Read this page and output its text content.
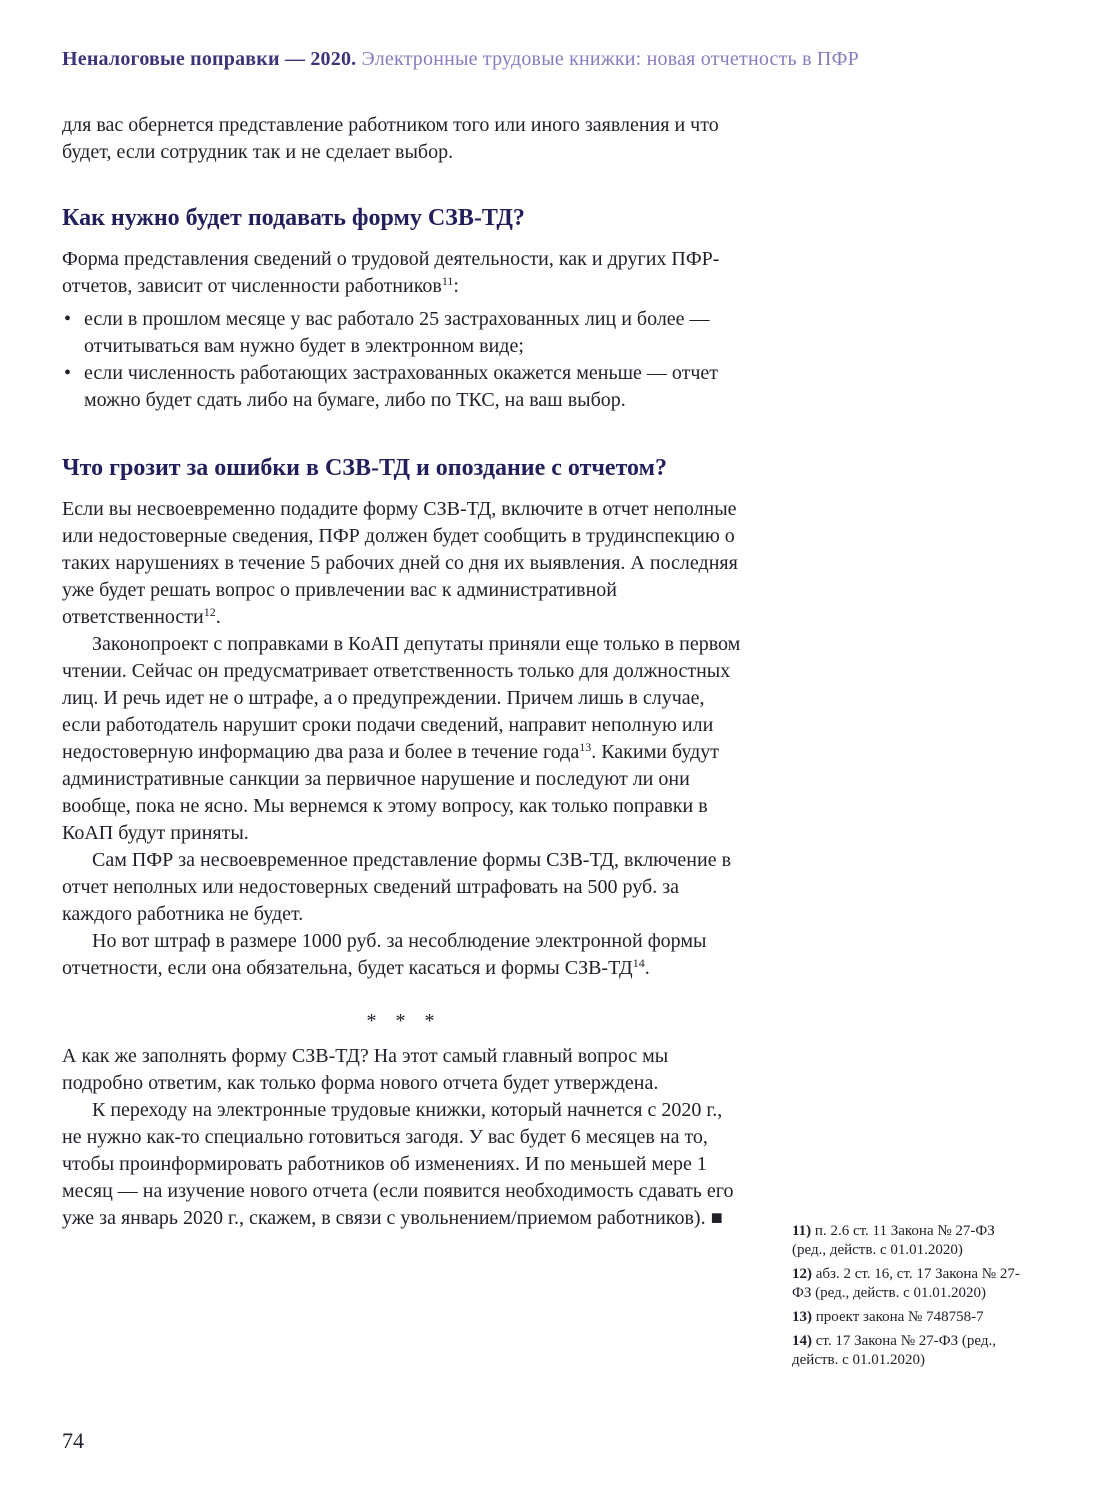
Неналоговые поправки — 2020. Электронные трудовые книжки: новая отчетность в ПФР

для вас обернется представление работником того или иного заявления и что будет, если сотрудник так и не сделает выбор.

Как нужно будет подавать форму СЗВ-ТД?

Форма представления сведений о трудовой деятельности, как и других ПФР-отчетов, зависит от численности работников$^{11}$:

• если в прошлом месяце у вас работало 25 застрахованных лиц и более — отчитываться вам нужно будет в электронном виде;
• если численность работающих застрахованных окажется меньше — отчет можно будет сдать либо на бумаге, либо по ТКС, на ваш выбор.
Что грозит за ошибки в СЗВ-ТД и опоздание с отчетом?

Если вы несвоевременно подадите форму СЗВ-ТД, включите в отчет неполные или недостоверные сведения, ПФР должен будет сообщить в трудинспекцию о таких нарушениях в течение 5 рабочих дней со дня их выявления. А последняя уже будет решать вопрос о привлечении вас к административной ответственности$^{12}$.

Законопроект с поправками в КоАП депутаты приняли еще только в первом чтении. Сейчас он предусматривает ответственность только для должностных лиц. И речь идет не о штрафе, а о предупреждении. Причем лишь в случае, если работодатель нарушит сроки подачи сведений, направит неполную или недостоверную информацию два раза и более в течение года$^{13}$. Какими будут административные санкции за первичное нарушение и последуют ли они вообще, пока не ясно. Мы вернемся к этому вопросу, как только поправки в КоАП будут приняты.

Сам ПФР за несвоевременное представление формы СЗВ-ТД, включение в отчет неполных или недостоверных сведений штрафовать на 500 руб. за каждого работника не будет.

Но вот штраф в размере 1000 руб. за несоблюдение электронной формы отчетности, если она обязательна, будет касаться и формы СЗВ-ТД$^{14}$.

* * *

А как же заполнять форму СЗВ-ТД? На этот самый главный вопрос мы подробно ответим, как только форма нового отчета будет утверждена.

К переходу на электронные трудовые книжки, который начнется с 2020 г., не нужно как-то специально готовиться загодя. У вас будет 6 месяцев на то, чтобы проинформировать работников об изменениях. И по меньшей мере 1 месяц — на изучение нового отчета (если появится необходимость сдавать его уже за январь 2020 г., скажем, в связи с увольнением/приемом работников). ■

11) п. 2.6 ст. 11 Закона № 27-ФЗ (ред., действ. с 01.01.2020)

12) абз. 2 ст. 16, ст. 17 Закона № 27-ФЗ (ред., действ. с 01.01.2020)

13) проект закона № 748758-7

14) ст. 17 Закона № 27-ФЗ (ред., действ. с 01.01.2020)

74
